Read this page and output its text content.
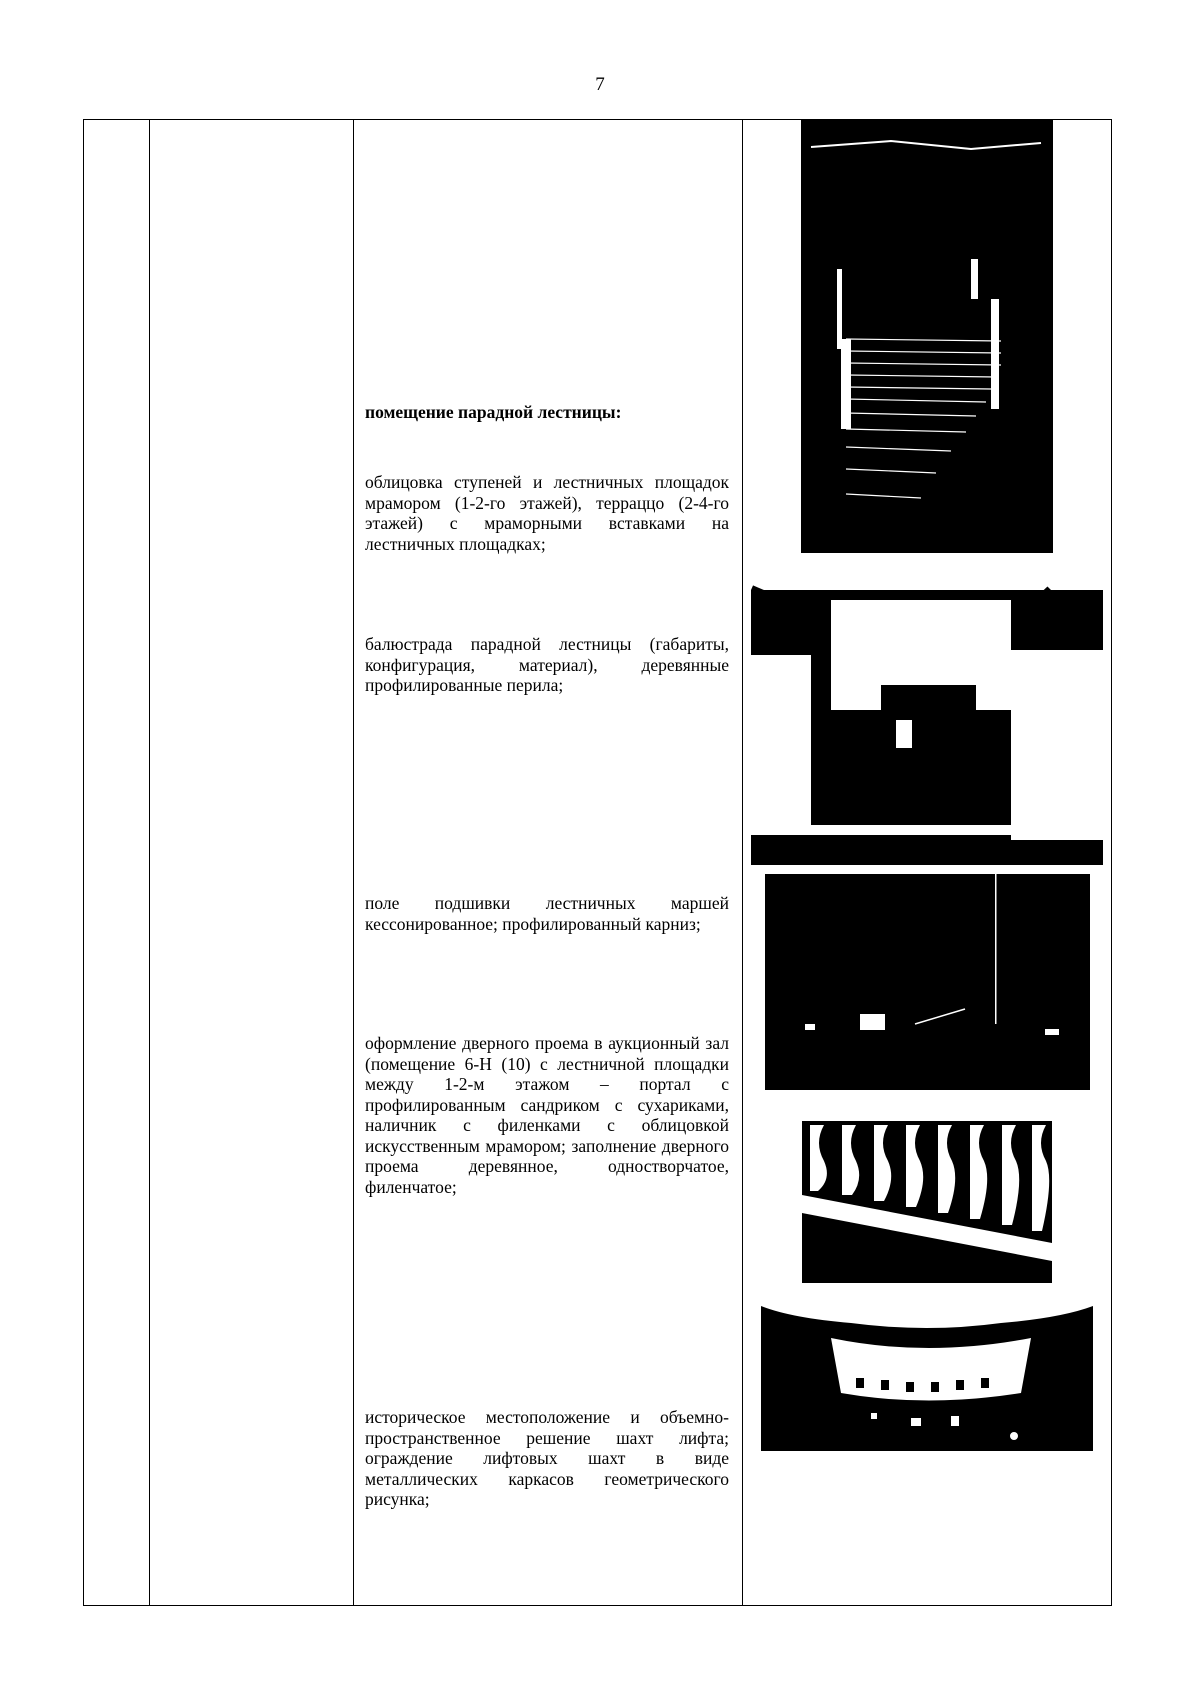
7
помещение парадной лестницы:
облицовка ступеней и лестничных площадок мрамором (1-2-го этажей), терраццо (2-4-го этажей) с мраморными вставками на лестничных площадках;
балюстрада парадной лестницы (габариты, конфигурация, материал), деревянные профилированные перила;
поле подшивки лестничных маршей кессонированное; профилированный карниз;
оформление дверного проема в аукционный зал (помещение 6-Н (10) с лестничной площадки между 1-2-м этажом – портал с профилированным сандриком с сухариками, наличник с филенками с облицовкой искусственным мрамором; заполнение дверного проема деревянное, одностворчатое, филенчатое;
историческое местоположение и объемно-пространственное решение шахт лифта; ограждение лифтовых шахт в виде металлических каркасов геометрического рисунка;
